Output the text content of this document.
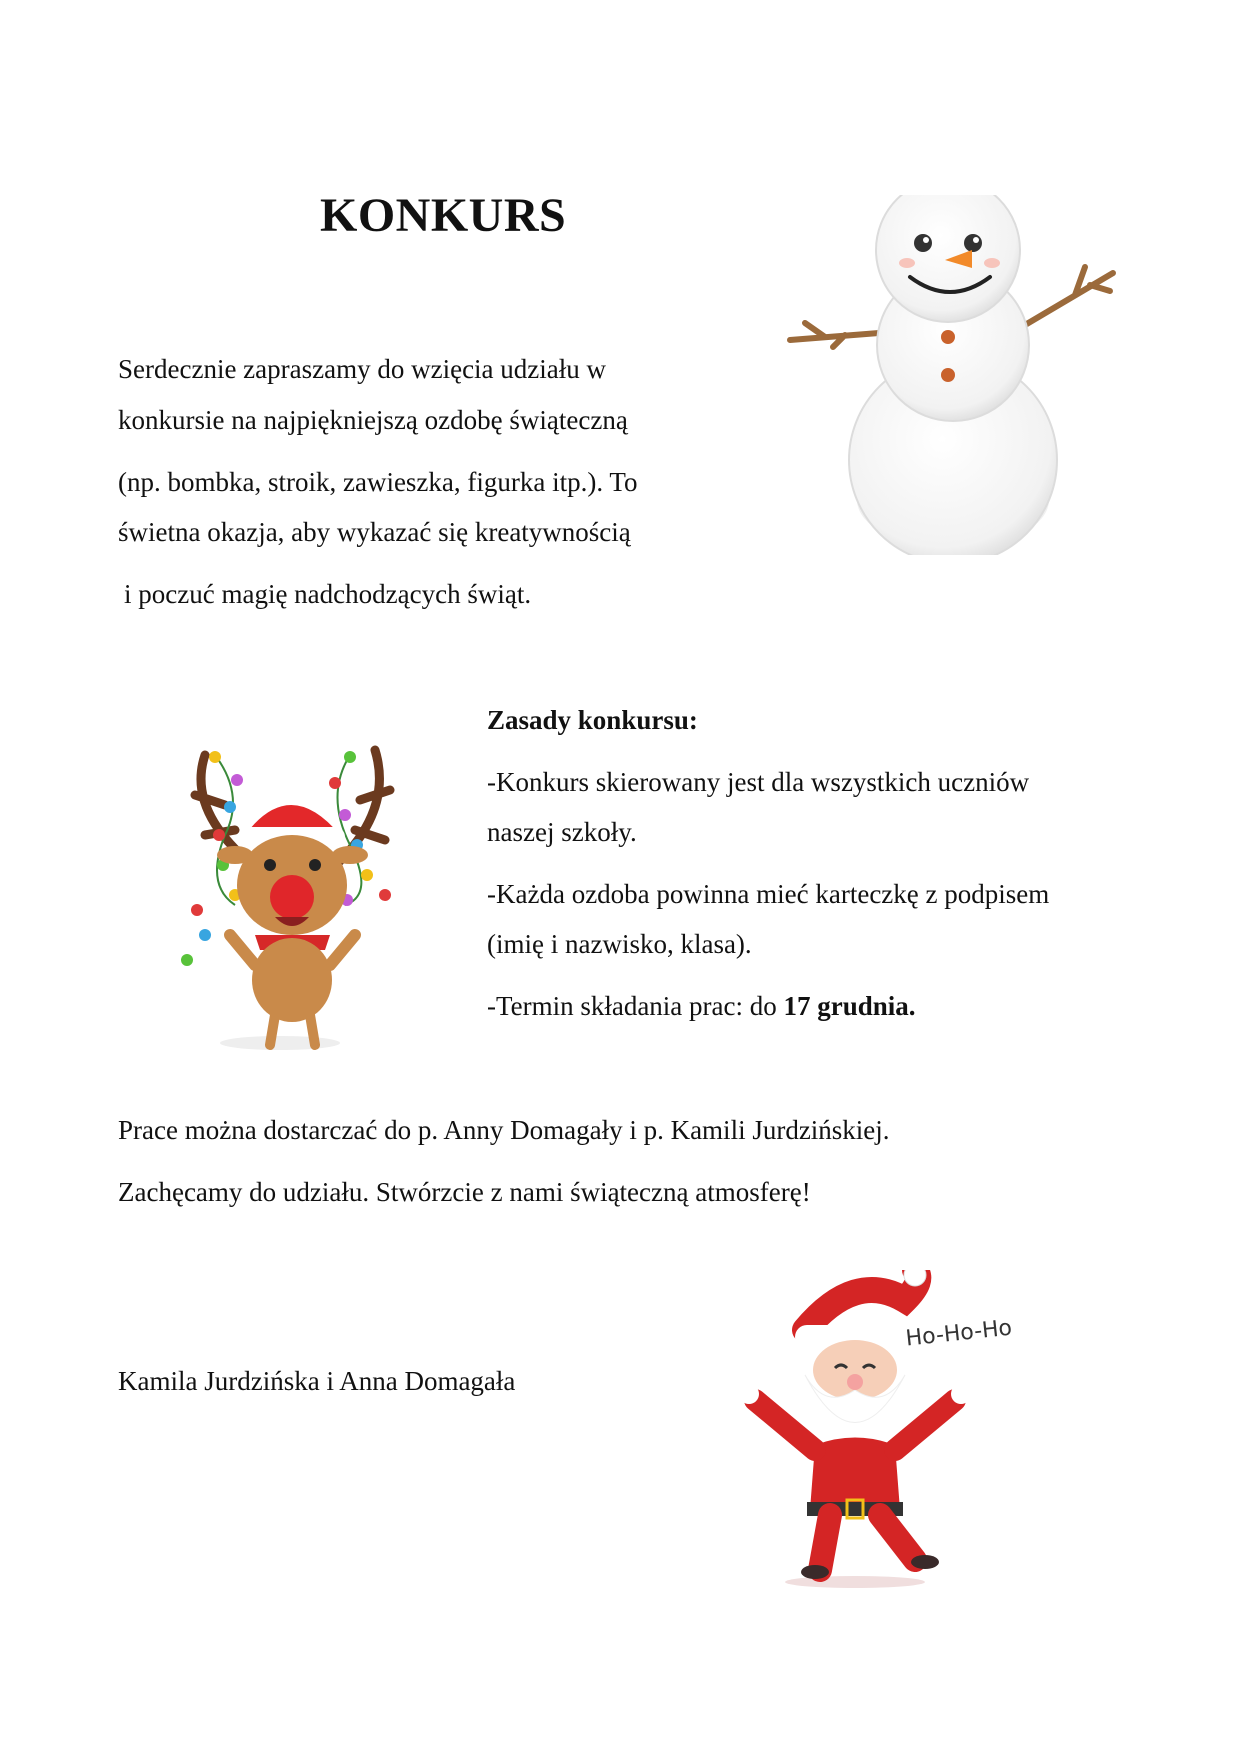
KONKURS
Serdecznie zapraszamy do wzięcia udziału w
konkursie na najpiękniejszą ozdobę świąteczną
(np. bombka, stroik, zawieszka, figurka itp.). To
świetna okazja, aby wykazać się kreatywnością
i poczuć magię nadchodzących świąt.
Zasady konkursu:
-Konkurs skierowany jest dla wszystkich uczniów
naszej szkoły.
-Każda ozdoba powinna mieć karteczkę z podpisem
(imię i nazwisko, klasa).
-Termin składania prac: do 17 grudnia.
Prace można dostarczać do p. Anny Domagały i p. Kamili Jurdzińskiej.
Zachęcamy do udziału. Stwórzcie z nami świąteczną atmosferę!
Kamila Jurdzińska i Anna Domagała
Ho-Ho-Ho
